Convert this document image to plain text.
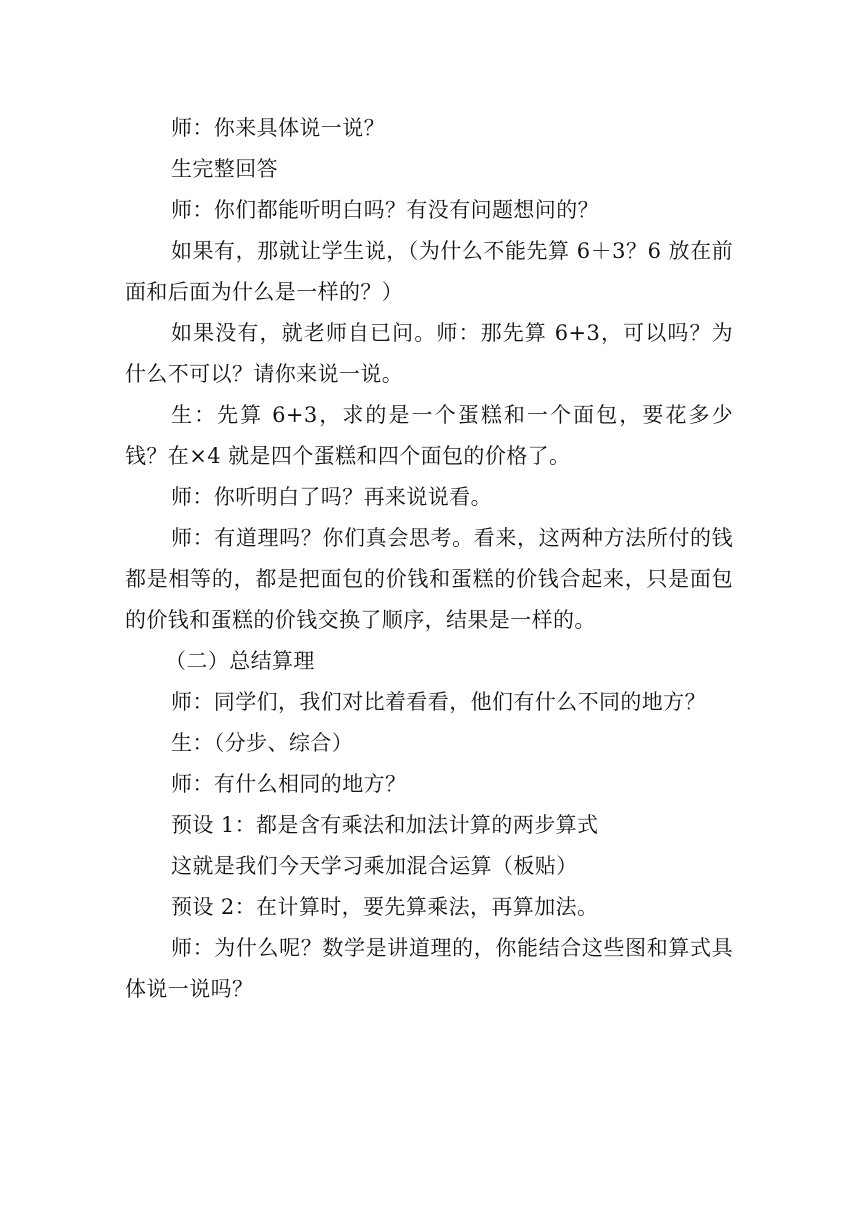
师：你来具体说一说？

生完整回答

师：你们都能听明白吗？有没有问题想问的？

如果有，那就让学生说，（为什么不能先算 6＋3？6 放在前面和后面为什么是一样的？）

如果没有，就老师自已问。师：那先算 6+3，可以吗？为什么不可以？请你来说一说。

生：先算 6+3，求的是一个蛋糕和一个面包，要花多少钱？在×4 就是四个蛋糕和四个面包的价格了。

师：你听明白了吗？再来说说看。

师：有道理吗？你们真会思考。看来，这两种方法所付的钱都是相等的，都是把面包的价钱和蛋糕的价钱合起来，只是面包的价钱和蛋糕的价钱交换了顺序，结果是一样的。

（二）总结算理

师：同学们，我们对比着看看，他们有什么不同的地方？

生：（分步、综合）

师：有什么相同的地方？

预设 1：都是含有乘法和加法计算的两步算式

这就是我们今天学习乘加混合运算（板贴）

预设 2：在计算时，要先算乘法，再算加法。

师：为什么呢？数学是讲道理的，你能结合这些图和算式具体说一说吗？
